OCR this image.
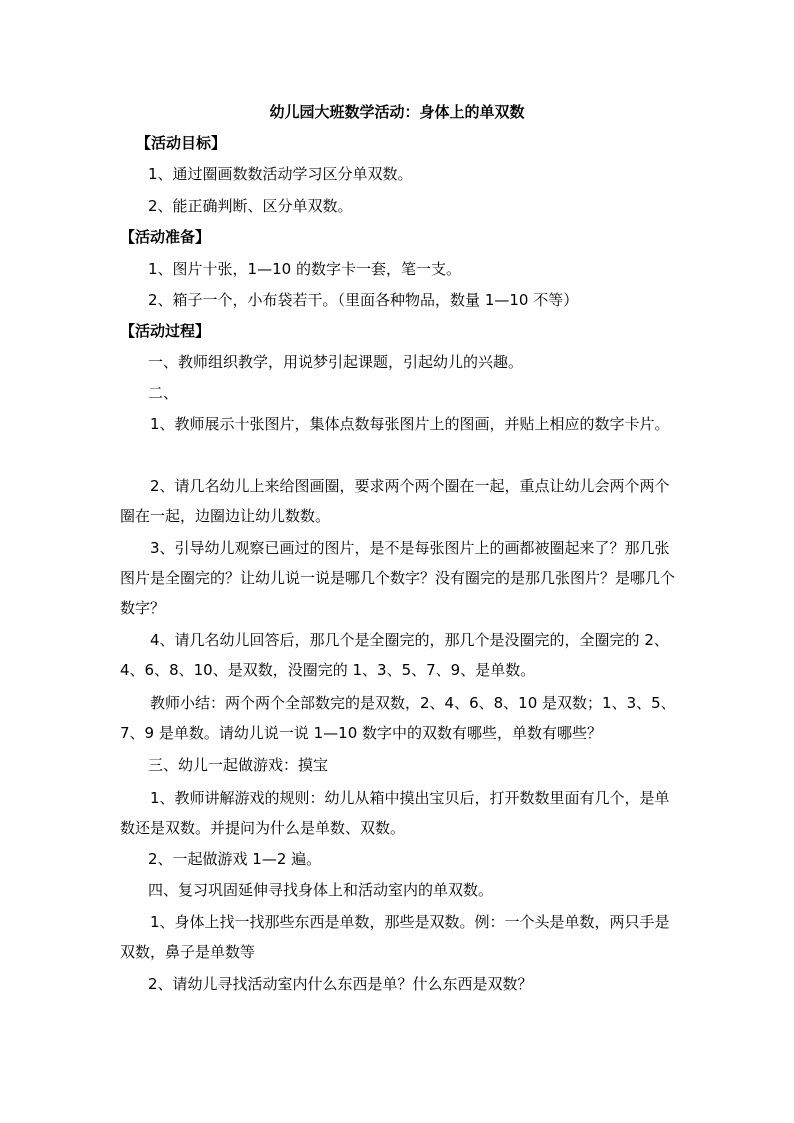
幼儿园大班数学活动：身体上的单双数
【活动目标】
1、通过圈画数数活动学习区分单双数。
2、能正确判断、区分单双数。
【活动准备】
1、图片十张，1—10 的数字卡一套，笔一支。
2、箱子一个，小布袋若干。（里面各种物品，数量 1—10 不等）
【活动过程】
一、教师组织教学，用说梦引起课题，引起幼儿的兴趣。
二、
1、教师展示十张图片，集体点数每张图片上的图画，并贴上相应的数字卡片。
2、请几名幼儿上来给图画圈，要求两个两个圈在一起，重点让幼儿会两个两个圈在一起，边圈边让幼儿数数。
3、引导幼儿观察已画过的图片，是不是每张图片上的画都被圈起来了？那几张图片是全圈完的？让幼儿说一说是哪几个数字？没有圈完的是那几张图片？是哪几个数字？
4、请几名幼儿回答后，那几个是全圈完的，那几个是没圈完的，全圈完的 2、4、6、8、10、是双数，没圈完的 1、3、5、7、9、是单数。
教师小结：两个两个全部数完的是双数，2、4、6、8、10 是双数；1、3、5、7、9 是单数。请幼儿说一说 1—10 数字中的双数有哪些，单数有哪些？
三、幼儿一起做游戏：摸宝
1、教师讲解游戏的规则：幼儿从箱中摸出宝贝后，打开数数里面有几个，是单数还是双数。并提问为什么是单数、双数。
2、一起做游戏 1—2 遍。
四、复习巩固延伸寻找身体上和活动室内的单双数。
1、身体上找一找那些东西是单数，那些是双数。例：一个头是单数，两只手是双数，鼻子是单数等
2、请幼儿寻找活动室内什么东西是单？什么东西是双数？
